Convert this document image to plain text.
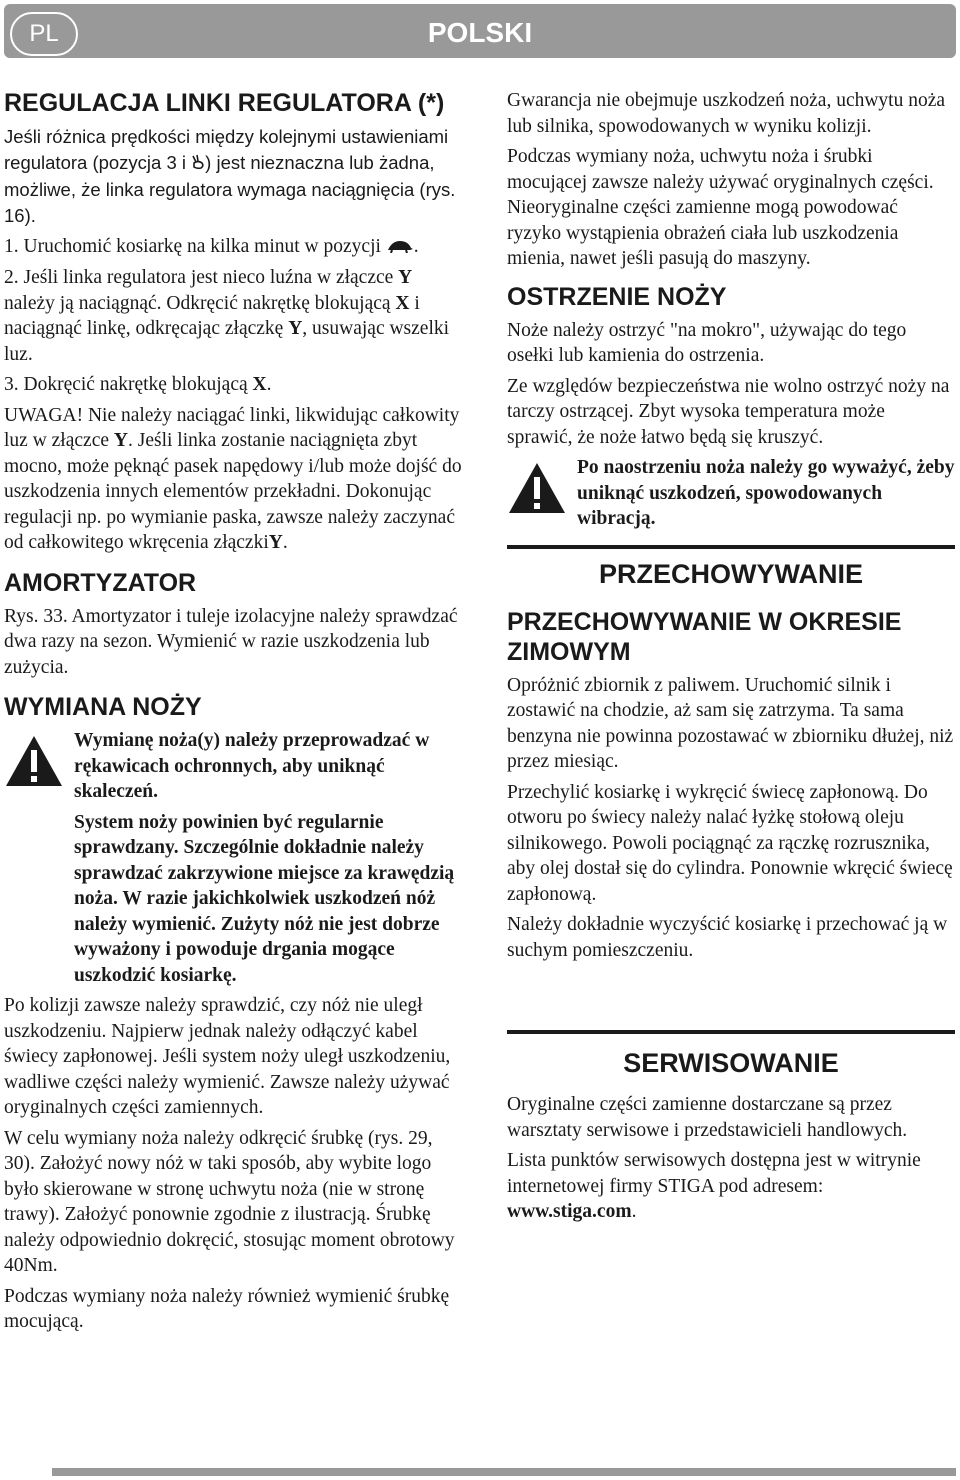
PL	POLSKI
REGULACJA LINKI REGULATORA (*)

Jeśli różnica prędkości między kolejnymi ustawieniami regulatora (pozycja 3 i ) jest nieznaczna lub żadna, możliwe, że linka regulatora wymaga naciągnięcia (rys. 16).

1. Uruchomić kosiarkę na kilka minut w pozycji .

2. Jeśli linka regulatora jest nieco luźna w złączce Y należy ją naciągnąć. Odkręcić nakrętkę blokującą X i naciągnąć linkę, odkręcając złączkę Y, usuwając wszelki luz.

3. Dokręcić nakrętkę blokującą X.

UWAGA! Nie należy naciągać linki, likwidując całkowity luz w złączce Y. Jeśli linka zostanie naciągnięta zbyt mocno, może pęknąć pasek napędowy i/lub może dojść do uszkodzenia innych elementów przekładni. Dokonując regulacji np. po wymianie paska, zawsze należy zaczynać od całkowitego wkręcenia złączkiY.

AMORTYZATOR

Rys. 33. Amortyzator i tuleje izolacyjne należy sprawdzać dwa razy na sezon. Wymienić w razie uszkodzenia lub zużycia.

WYMIANA NOŻY

Wymianę noża(y) należy przeprowadzać w rękawicach ochronnych, aby uniknąć skaleczeń.

System noży powinien być regularnie sprawdzany. Szczególnie dokładnie należy sprawdzać zakrzywione miejsce za krawędzią noża. W razie jakichkolwiek uszkodzeń nóż należy wymienić. Zużyty nóż nie jest dobrze wyważony i powoduje drgania mogące uszkodzić kosiarkę.

Po kolizji zawsze należy sprawdzić, czy nóż nie uległ uszkodzeniu. Najpierw jednak należy odłączyć kabel świecy zapłonowej. Jeśli system noży uległ uszkodzeniu, wadliwe części należy wymienić. Zawsze należy używać oryginalnych części zamiennych.

W celu wymiany noża należy odkręcić śrubkę (rys. 29, 30). Założyć nowy nóż w taki sposób, aby wybite logo było skierowane w stronę uchwytu noża (nie w stronę trawy). Założyć ponownie zgodnie z ilustracją. Śrubkę należy odpowiednio dokręcić, stosując moment obrotowy 40Nm.

Podczas wymiany noża należy również wymienić śrubkę mocującą.

Gwarancja nie obejmuje uszkodzeń noża, uchwytu noża lub silnika, spowodowanych w wyniku kolizji.

Podczas wymiany noża, uchwytu noża i śrubki mocującej zawsze należy używać oryginalnych części. Nieoryginalne części zamienne mogą powodować ryzyko wystąpienia obrażeń ciała lub uszkodzenia mienia, nawet jeśli pasują do maszyny.

OSTRZENIE NOŻY

Noże należy ostrzyć "na mokro", używając do tego osełki lub kamienia do ostrzenia.

Ze względów bezpieczeństwa nie wolno ostrzyć noży na tarczy ostrzącej. Zbyt wysoka temperatura może sprawić, że noże łatwo będą się kruszyć.

Po naostrzeniu noża należy go wyważyć, żeby uniknąć uszkodzeń, spowodowanych wibracją.

PRZECHOWYWANIE
PRZECHOWYWANIE W OKRESIE ZIMOWYM

Opróżnić zbiornik z paliwem. Uruchomić silnik i zostawić na chodzie, aż sam się zatrzyma. Ta sama benzyna nie powinna pozostawać w zbiorniku dłużej, niż przez miesiąc.

Przechylić kosiarkę i wykręcić świecę zapłonową. Do otworu po świecy należy nalać łyżkę stołową oleju silnikowego. Powoli pociągnąć za rączkę rozrusznika, aby olej dostał się do cylindra. Ponownie wkręcić świecę zapłonową.

Należy dokładnie wyczyścić kosiarkę i przechować ją w suchym pomieszczeniu.

SERWISOWANIE

Oryginalne części zamienne dostarczane są przez warsztaty serwisowe i przedstawicieli handlowych.

Lista punktów serwisowych dostępna jest w witrynie internetowej firmy STIGA pod adresem: www.stiga.com.
